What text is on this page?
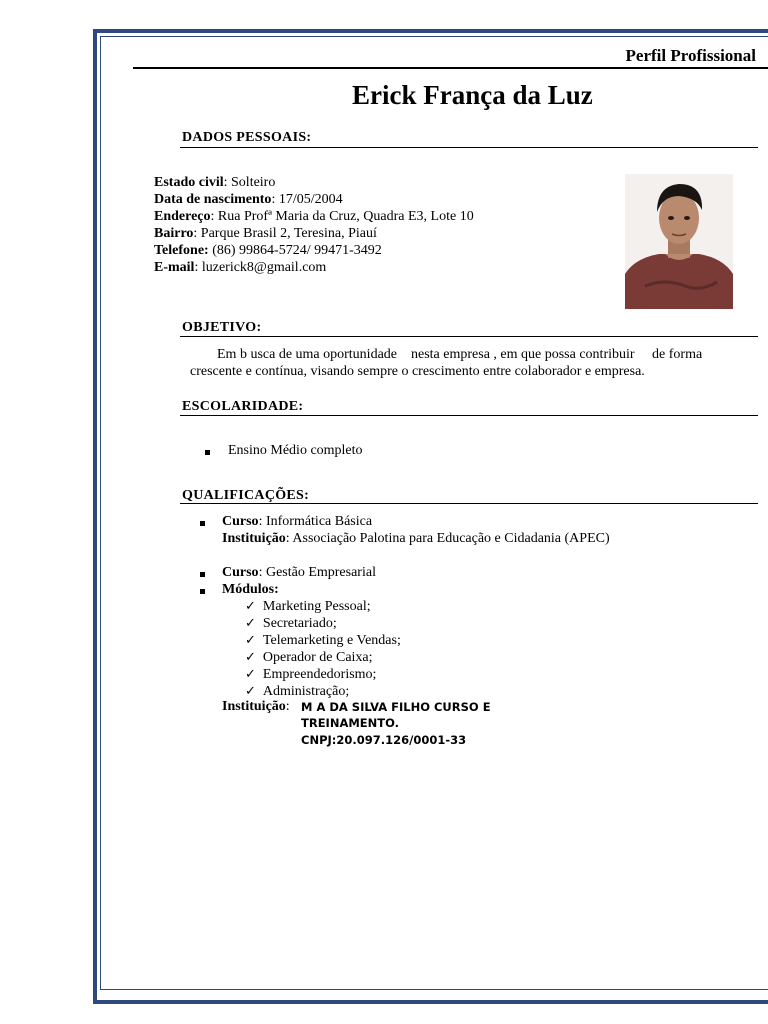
Perfil Profissional
Erick França da Luz
DADOS PESSOAIS:
Estado civil: Solteiro
Data de nascimento: 17/05/2004
Endereço: Rua Profª Maria da Cruz, Quadra E3, Lote 10
Bairro: Parque Brasil 2, Teresina, Piauí
Telefone: (86) 99864-5724/ 99471-3492
E-mail: luzerick8@gmail.com
OBJETIVO:
Em b usca de uma oportunidade    nesta empresa , em que possa contribuir     de forma
crescente e contínua, visando sempre o crescimento entre colaborador e empresa.
ESCOLARIDADE:
Ensino Médio completo
QUALIFICAÇÕES:
Curso: Informática Básica
Instituição: Associação Palotina para Educação e Cidadania (APEC)
Curso: Gestão Empresarial
Módulos:
✓ Marketing Pessoal;
✓ Secretariado;
✓ Telemarketing e Vendas;
✓ Operador de Caixa;
✓ Empreendedorismo;
✓ Administração;
Instituição: M A DA SILVA FILHO CURSO E
TREINAMENTO.
CNPJ:20.097.126/0001-33
